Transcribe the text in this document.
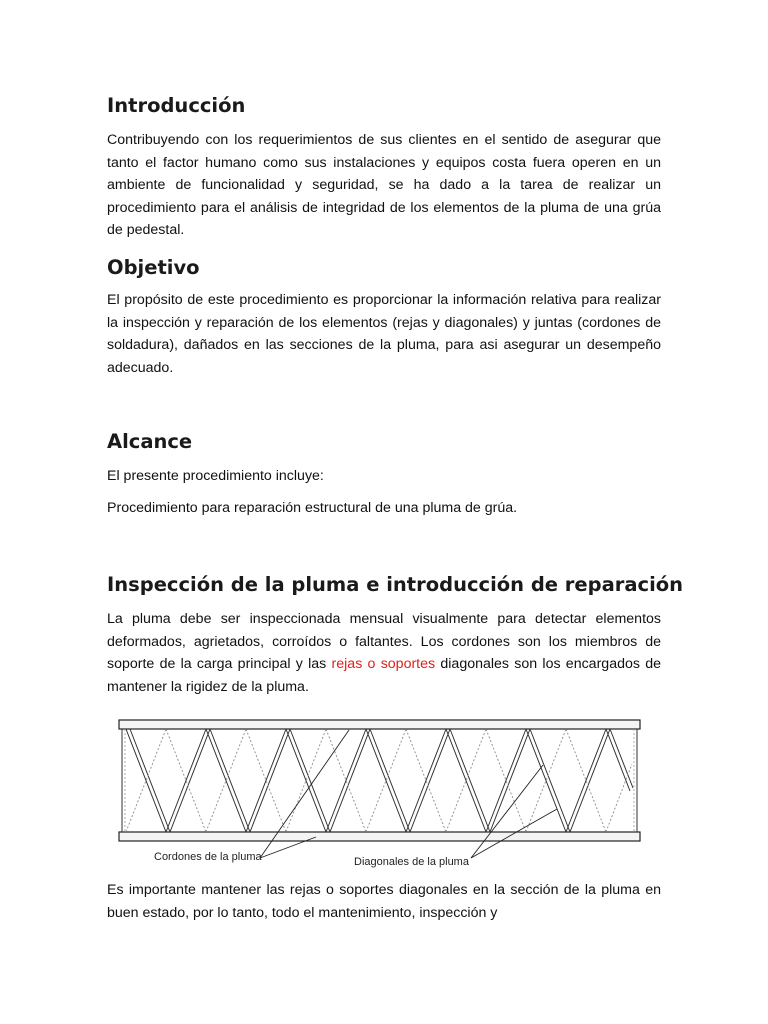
Introducción

Contribuyendo con los requerimientos de sus clientes en el sentido de asegurar que tanto el factor humano como sus instalaciones y equipos costa fuera operen en un ambiente de funcionalidad y seguridad, se ha dado a la tarea de realizar un procedimiento para el análisis de integridad de los elementos de la pluma de una grúa de pedestal.

Objetivo

El propósito de este procedimiento es proporcionar la información relativa para realizar la inspección y reparación de los elementos (rejas y diagonales) y juntas (cordones de soldadura), dañados en las secciones de la pluma, para asi asegurar un desempeño adecuado.

Alcance

El presente procedimiento incluye:

Procedimiento para reparación estructural de una pluma de grúa.

Inspección de la pluma e introducción de reparación

La pluma debe ser inspeccionada mensual visualmente para detectar elementos deformados, agrietados, corroídos o faltantes. Los cordones son los miembros de soporte de la carga principal y las rejas o soportes diagonales son los encargados de mantener la rigidez de la pluma.

Cordones de la pluma	Diagonales de la pluma

Es importante mantener las rejas o soportes diagonales en la sección de la pluma en buen estado, por lo tanto, todo el mantenimiento, inspección y
